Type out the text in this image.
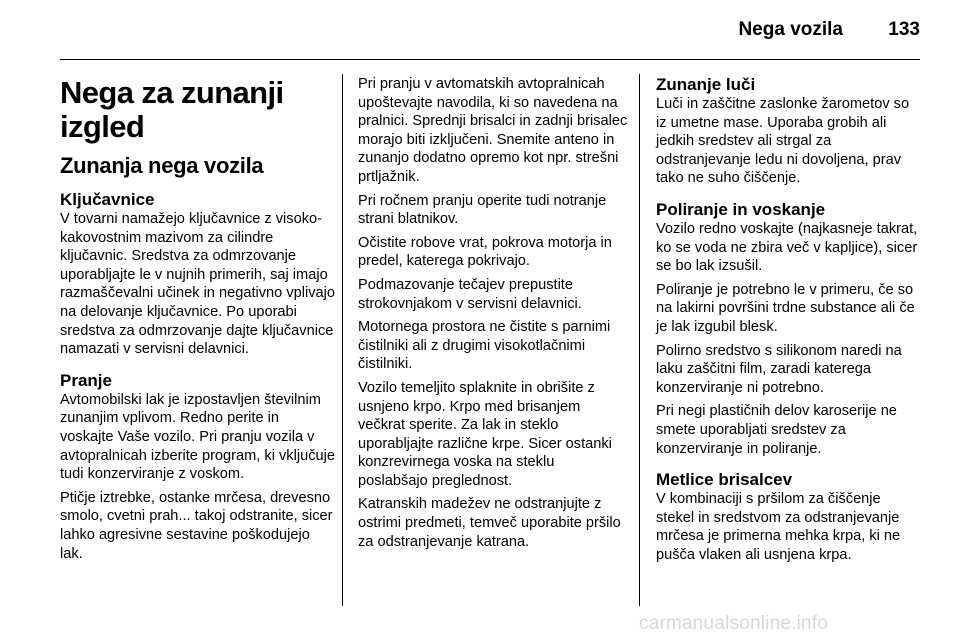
Nega vozila 133
Nega za zunanji izgled
Zunanja nega vozila
Ključavnice

V tovarni namažejo ključavnice z visoko-kakovostnim mazivom za cilindre ključavnic. Sredstva za odmrzovanje uporabljajte le v nujnih primerih, saj imajo razmaščevalni učinek in negativno vplivajo na delovanje ključavnice. Po uporabi sredstva za odmrzovanje dajte ključavnice namazati v servisni delavnici.

Pranje

Avtomobilski lak je izpostavljen številnim zunanjim vplivom. Redno perite in voskajte Vaše vozilo. Pri pranju vozila v avtopralnicah izberite program, ki vključuje tudi konzerviranje z voskom.

Ptičje iztrebke, ostanke mrčesa, drevesno smolo, cvetni prah... takoj odstranite, sicer lahko agresivne sestavine poškodujejo lak.

Pri pranju v avtomatskih avtopralnicah upoštevajte navodila, ki so navedena na pralnici. Sprednji brisalci in zadnji brisalec morajo biti izključeni. Snemite anteno in zunanjo dodatno opremo kot npr. strešni prtljažnik.

Pri ročnem pranju operite tudi notranje strani blatnikov.

Očistite robove vrat, pokrova motorja in predel, katerega pokrivajo.

Podmazovanje tečajev prepustite strokovnjakom v servisni delavnici.

Motornega prostora ne čistite s parnimi čistilniki ali z drugimi visokotlačnimi čistilniki.

Vozilo temeljito splaknite in obrišite z usnjeno krpo. Krpo med brisanjem večkrat sperite. Za lak in steklo uporabljajte različne krpe. Sicer ostanki konzrevirnega voska na steklu poslabšajo preglednost.

Katranskih madežev ne odstranjujte z ostrimi predmeti, temveč uporabite pršilo za odstranjevanje katrana.

Zunanje luči

Luči in zaščitne zaslonke žarometov so iz umetne mase. Uporaba grobih ali jedkih sredstev ali strgal za odstranjevanje ledu ni dovoljena, prav tako ne suho čiščenje.

Poliranje in voskanje

Vozilo redno voskajte (najkasneje takrat, ko se voda ne zbira več v kapljice), sicer se bo lak izsušil.

Poliranje je potrebno le v primeru, če so na lakirni površini trdne substance ali če je lak izgubil blesk.

Polirno sredstvo s silikonom naredi na laku zaščitni film, zaradi katerega konzerviranje ni potrebno.

Pri negi plastičnih delov karoserije ne smete uporabljati sredstev za konzerviranje in poliranje.

Metlice brisalcev

V kombinaciji s pršilom za čiščenje stekel in sredstvom za odstranjevanje mrčesa je primerna mehka krpa, ki ne pušča vlaken ali usnjena krpa.

carmanualsonline.info
